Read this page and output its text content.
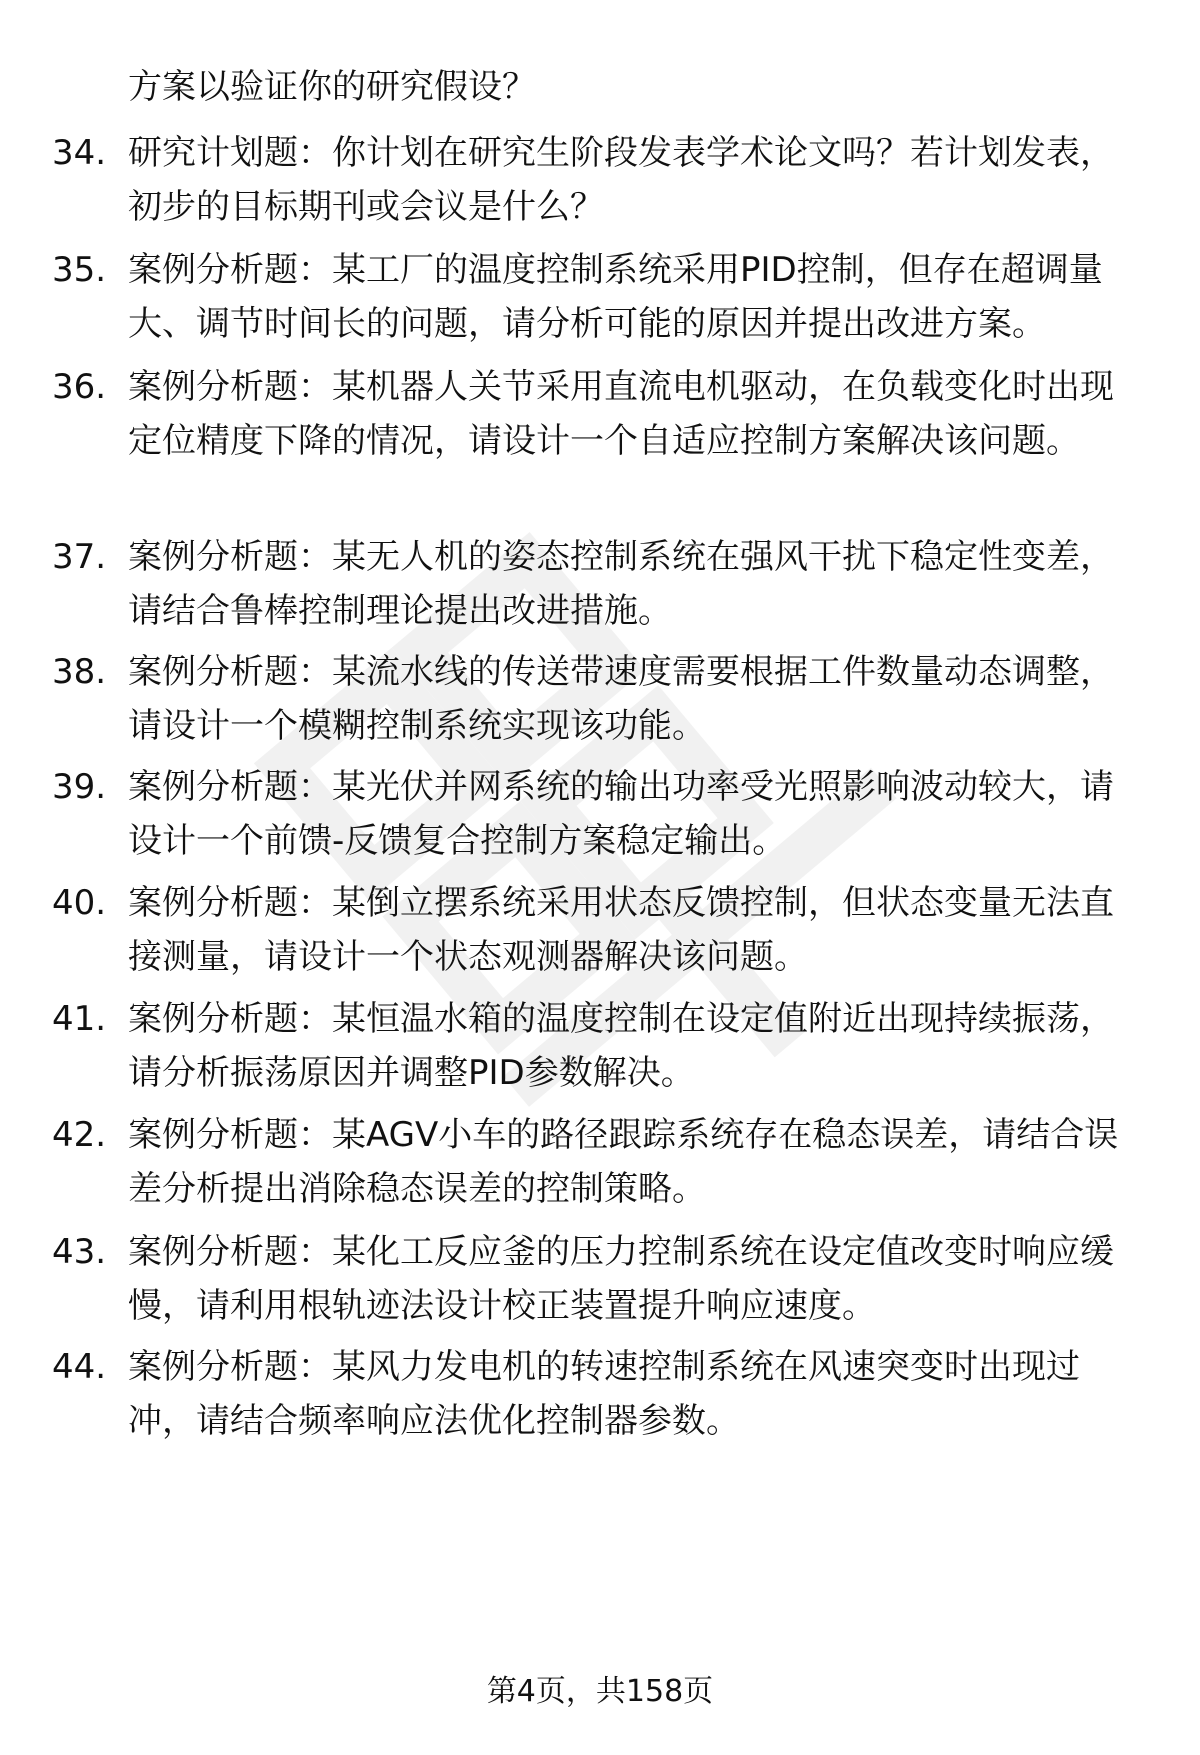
方案以验证你的研究假设？

34. 研究计划题：你计划在研究生阶段发表学术论文吗？若计划发表，初步的目标期刊或会议是什么？

35. 案例分析题：某工厂的温度控制系统采用PID控制，但存在超调量大、调节时间长的问题，请分析可能的原因并提出改进方案。

36. 案例分析题：某机器人关节采用直流电机驱动，在负载变化时出现定位精度下降的情况，请设计一个自适应控制方案解决该问题。

37. 案例分析题：某无人机的姿态控制系统在强风干扰下稳定性变差，请结合鲁棒控制理论提出改进措施。

38. 案例分析题：某流水线的传送带速度需要根据工件数量动态调整，请设计一个模糊控制系统实现该功能。

39. 案例分析题：某光伏并网系统的输出功率受光照影响波动较大，请设计一个前馈-反馈复合控制方案稳定输出。

40. 案例分析题：某倒立摆系统采用状态反馈控制，但状态变量无法直接测量，请设计一个状态观测器解决该问题。

41. 案例分析题：某恒温水箱的温度控制在设定值附近出现持续振荡，请分析振荡原因并调整PID参数解决。

42. 案例分析题：某AGV小车的路径跟踪系统存在稳态误差，请结合误差分析提出消除稳态误差的控制策略。

43. 案例分析题：某化工反应釜的压力控制系统在设定值改变时响应缓慢，请利用根轨迹法设计校正装置提升响应速度。

44. 案例分析题：某风力发电机的转速控制系统在风速突变时出现过冲，请结合频率响应法优化控制器参数。

第4页，共158页
